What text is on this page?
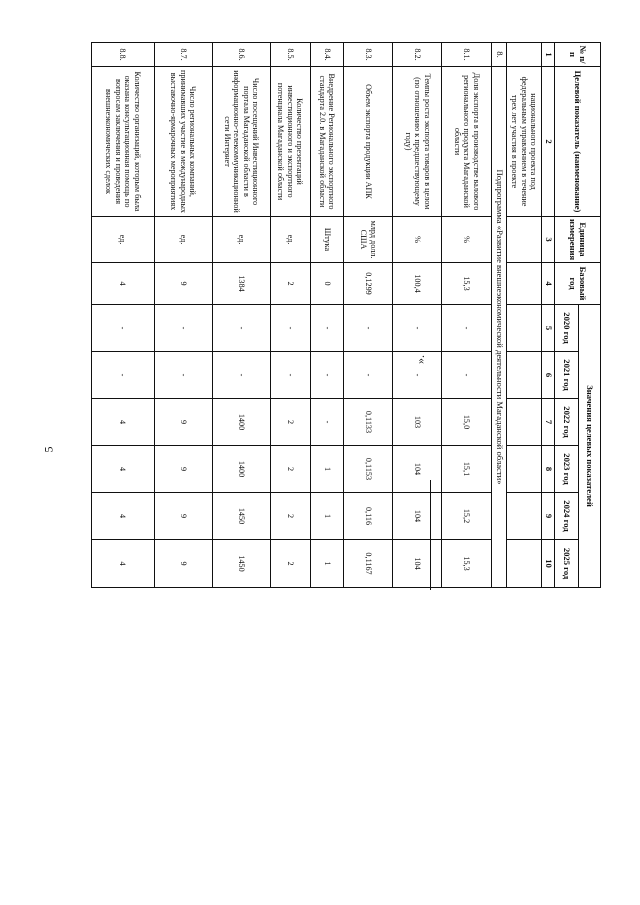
5
».
№ п/п	Целевой показатель (наименование)	Единица измерения	Базовый год	Значения целевых показателей					
				2020 год	2021 год	2022 год	2023 год	2024 год	2025 год
1	2	3	4	5	6	7	8	9	10
	национального проекта под федеральным управлением в течение трех лет участия в проекте								
8.	Подпрограмма «Развитие внешнеэкономической деятельности Магаданской области»								
8.1.	Доля экспорта в производстве валового регионального продукта Магаданской области	%	15,3	-	-	15,0	15,1	15,2	15,3
8.2.	Темпы роста экспорта товаров в целом (по отношению к предшествующему году)	%	100,4	-	-	103	104	104	104
8.3.	Объем экспорта продукции АПК	млрд долл. США	0,1299	-	-	0,1133	0,1153	0,116	0,1167
8.4.	Внедрение Регионального экспортного стандарта 2.0. в Магаданской области	Штука	0	-	-	-	1	1	1
8.5.	Количество презентаций инвестиционного и экспортного потенциала Магаданской области	ед.	2	-	-	2	2	2	2
8.6.	Число посещений Инвестиционного портала Магаданской области в информационно-телекоммуникационной сети Интернет	ед.	1384	-	-	1400	1400	1450	1450
8.7.	Число региональных компаний, принимавших участие в международных выставочно-ярмарочных мероприятиях	ед.	9	-	-	9	9	9	9
8.8.	Количество организаций, которым была оказана консультационная помощь по вопросам заключения и проведения внешнеэкономических сделок	ед.	4	-	-	4	4	4	4
